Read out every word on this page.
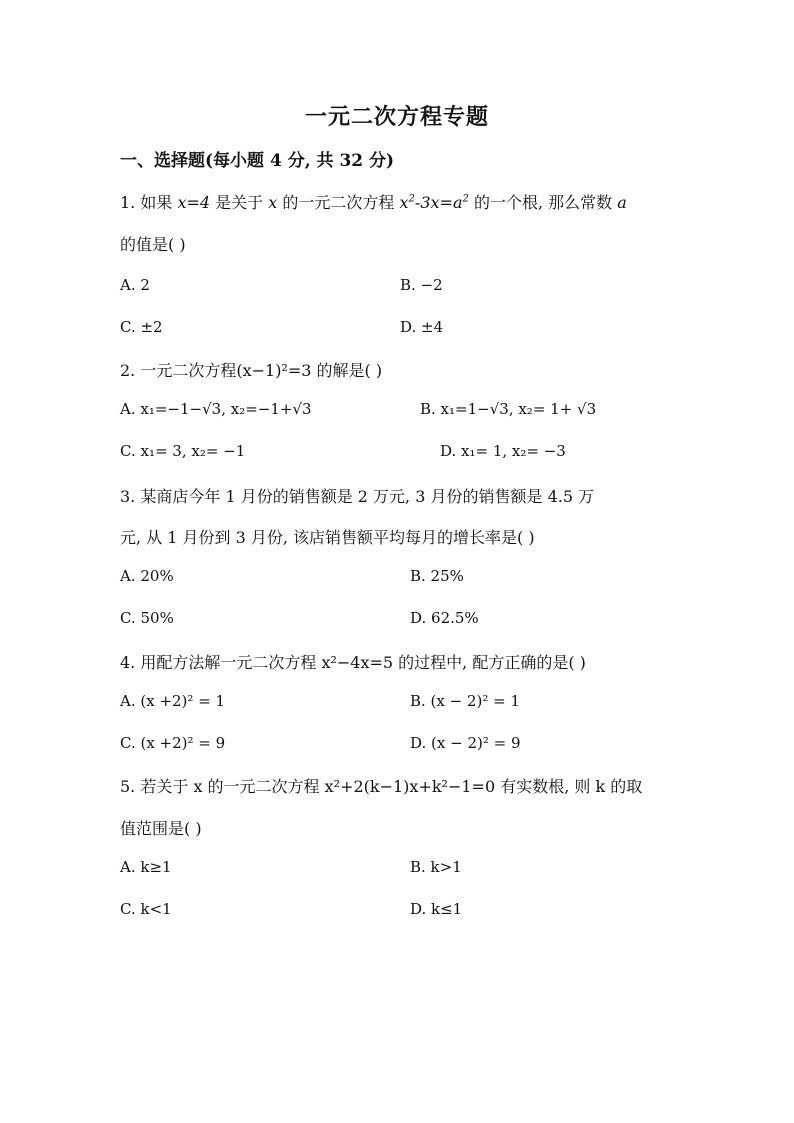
一元二次方程专题
一、选择题(每小题 4 分, 共 32 分)
1. 如果 x=4 是关于 x 的一元二次方程 $x^2-3x=a^2$ 的一个根, 那么常数 a
的值是( )
A. 2	B. −2
C. ±2	D. ±4
2. 一元二次方程(x−1)²=3 的解是( )
A. x₁=−1−√3, x₂=−1+√3	B. x₁=1−√3, x₂= 1+ √3
C. x₁= 3, x₂= −1	D. x₁= 1, x₂= −3
3. 某商店今年 1 月份的销售额是 2 万元, 3 月份的销售额是 4.5 万
元, 从 1 月份到 3 月份, 该店销售额平均每月的增长率是( )
A. 20%	B. 25%
C. 50%	D. 62.5%
4. 用配方法解一元二次方程 x²−4x=5 的过程中, 配方正确的是( )
A. (x +2)² = 1	B. (x − 2)² = 1
C. (x +2)² = 9	D. (x − 2)² = 9
5. 若关于 x 的一元二次方程 x²+2(k−1)x+k²−1=0 有实数根, 则 k 的取
值范围是( )
A. k≥1	B. k>1
C. k<1	D. k≤1
